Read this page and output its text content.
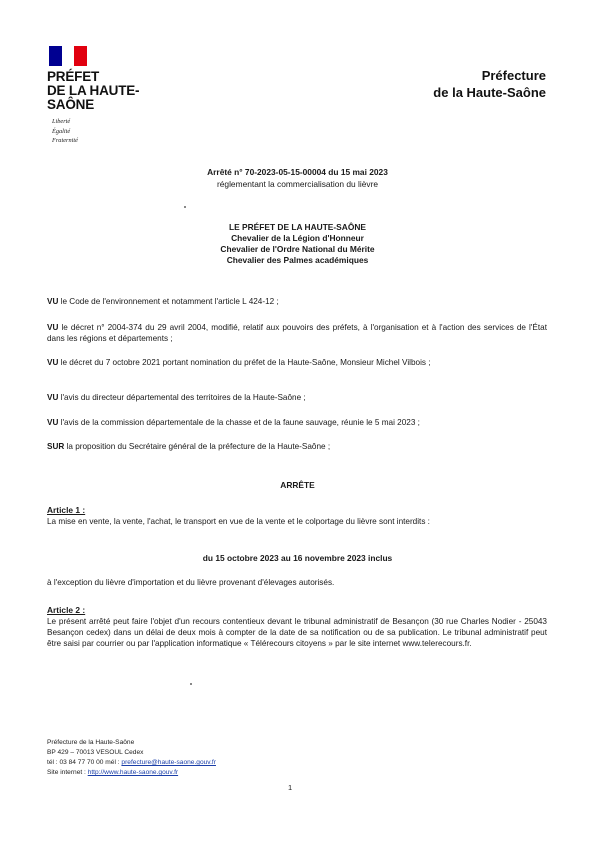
PRÉFET
DE LA HAUTE-
SAÔNE
Liberté
Égalité
Fraternité
Préfecture
de la Haute-Saône
Arrêté n° 70-2023-05-15-00004 du 15 mai 2023
réglementant la commercialisation du lièvre
LE PRÉFET DE LA HAUTE-SAÔNE
Chevalier de la Légion d'Honneur
Chevalier de l'Ordre National du Mérite
Chevalier des Palmes académiques
VU le Code de l'environnement et notamment l'article L 424-12 ;
VU le décret n° 2004-374 du 29 avril 2004, modifié, relatif aux pouvoirs des préfets, à l'organisation et à l'action des services de l'État dans les régions et départements ;
VU le décret du 7 octobre 2021 portant nomination du préfet de la Haute-Saône, Monsieur Michel Vilbois ;
VU l'avis du directeur départemental des territoires de la Haute-Saône ;
VU l'avis de la commission départementale de la chasse et de la faune sauvage, réunie le 5 mai 2023 ;
SUR la proposition du Secrétaire général de la préfecture de la Haute-Saône ;
ARRÊTE
Article 1 :
La mise en vente, la vente, l'achat, le transport en vue de la vente et le colportage du lièvre sont interdits :
du 15 octobre 2023 au 16 novembre 2023 inclus
à l'exception du lièvre d'importation et du lièvre provenant d'élevages autorisés.
Article 2 :
Le présent arrêté peut faire l'objet d'un recours contentieux devant le tribunal administratif de Besançon (30 rue Charles Nodier - 25043 Besançon cedex) dans un délai de deux mois à compter de la date de sa notification ou de sa publication. Le tribunal administratif peut être saisi par courrier ou par l'application informatique « Télérecours citoyens » par le site internet www.telerecours.fr.
Préfecture de la Haute-Saône
BP 429 – 70013 VESOUL Cedex
tél : 03 84 77 70 00 mél : prefecture@haute-saone.gouv.fr
Site internet : http://www.haute-saone.gouv.fr
1
